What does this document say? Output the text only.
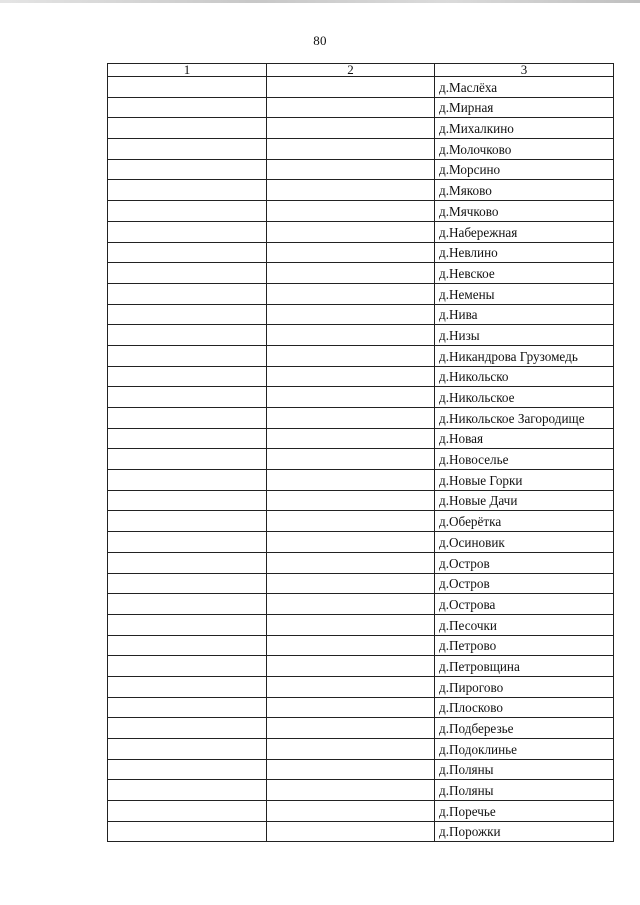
80
1	2	3
		д.Маслёха
		д.Мирная
		д.Михалкино
		д.Молочково
		д.Морсино
		д.Мяково
		д.Мячково
		д.Набережная
		д.Невлино
		д.Невское
		д.Немены
		д.Нива
		д.Низы
		д.Никандрова Грузомедь
		д.Никольско
		д.Никольское
		д.Никольское Загородище
		д.Новая
		д.Новоселье
		д.Новые Горки
		д.Новые Дачи
		д.Оберётка
		д.Осиновик
		д.Остров
		д.Остров
		д.Острова
		д.Песочки
		д.Петрово
		д.Петровщина
		д.Пирогово
		д.Плосково
		д.Подберезье
		д.Подоклинье
		д.Поляны
		д.Поляны
		д.Поречье
		д.Порожки
